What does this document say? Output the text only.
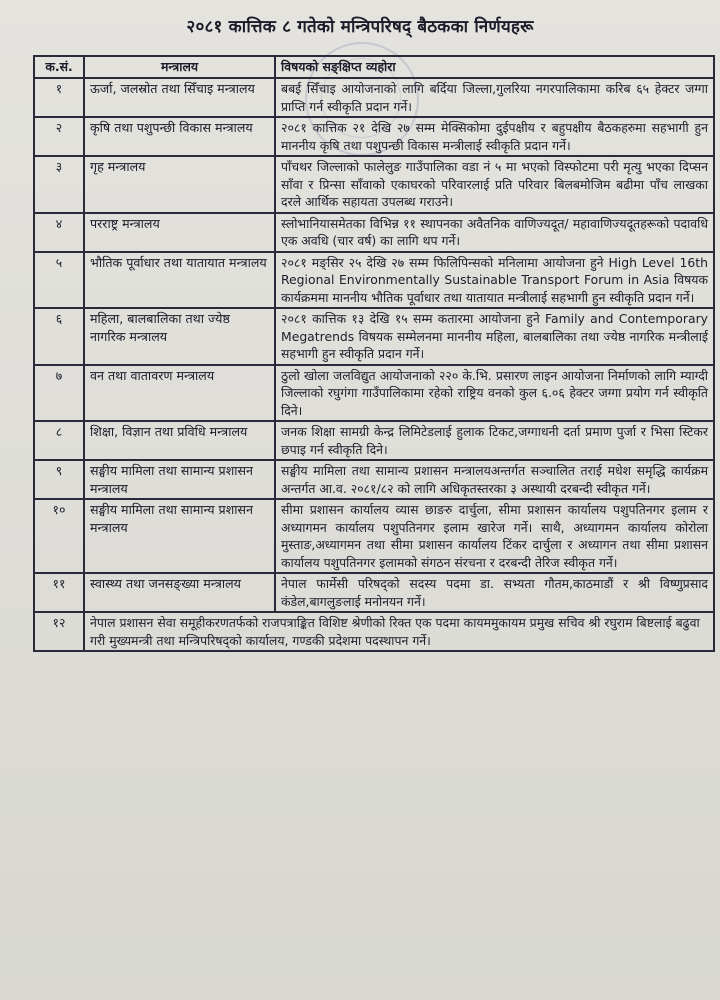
२०८१ कात्तिक ८ गतेको मन्त्रिपरिषद् बैठकका निर्णयहरू
क.सं.	मन्त्रालय	विषयको सङ्क्षिप्त व्यहोरा
१	ऊर्जा, जलस्रोत तथा सिँचाइ मन्त्रालय	बबई सिँचाइ आयोजनाको लागि बर्दिया जिल्ला,गुलरिया नगरपालिकामा करिब ६५ हेक्टर जग्गा प्राप्ति गर्न स्वीकृति प्रदान गर्ने।
२	कृषि तथा पशुपन्छी विकास मन्त्रालय	२०८१ कात्तिक २१ देखि २७ सम्म मेक्सिकोमा दुईपक्षीय र बहुपक्षीय बैठकहरुमा सहभागी हुन माननीय कृषि तथा पशुपन्छी विकास मन्त्रीलाई स्वीकृति प्रदान गर्ने।
३	गृह मन्त्रालय	पाँचथर जिल्लाको फालेलुङ गाउँपालिका वडा नं ५ मा भएको विस्फोटमा परी मृत्यु भएका दिप्सन साँवा र प्रिन्सा साँवाको एकाघरको परिवारलाई प्रति परिवार बिलबमोजिम बढीमा पाँच लाखका दरले आर्थिक सहायता उपलब्ध गराउने।
४	परराष्ट्र मन्त्रालय	स्लोभानियासमेतका विभिन्न ११ स्थापनका अवैतनिक वाणिज्यदूत/ महावाणिज्यदूतहरूको पदावधि एक अवधि (चार वर्ष) का लागि थप गर्ने।
५	भौतिक पूर्वाधार तथा यातायात मन्त्रालय	२०८१ मङ्सिर २५ देखि २७ सम्म फिलिपिन्सको मनिलामा आयोजना हुने High Level 16th Regional Environmentally Sustainable Transport Forum in Asia विषयक कार्यक्रममा माननीय भौतिक पूर्वाधार तथा यातायात मन्त्रीलाई सहभागी हुन स्वीकृति प्रदान गर्ने।
६	महिला, बालबालिका तथा ज्येष्ठ नागरिक मन्त्रालय	२०८१ कात्तिक १३ देखि १५ सम्म कतारमा आयोजना हुने Family and Contemporary Megatrends विषयक सम्मेलनमा माननीय महिला, बालबालिका तथा ज्येष्ठ नागरिक मन्त्रीलाई सहभागी हुन स्वीकृति प्रदान गर्ने।
७	वन तथा वातावरण मन्त्रालय	ठुलो खोला जलविद्युत आयोजनाको २२० के.भि. प्रसारण लाइन आयोजना निर्माणको लागि म्याग्दी जिल्लाको रघुगंगा गाउँपालिकामा रहेको राष्ट्रिय वनको कुल ६.०६ हेक्टर जग्गा प्रयोग गर्न स्वीकृति दिने।
८	शिक्षा, विज्ञान तथा प्रविधि मन्त्रालय	जनक शिक्षा सामग्री केन्द्र लिमिटेडलाई हुलाक टिकट,जग्गाधनी दर्ता प्रमाण पुर्जा र भिसा स्टिकर छपाइ गर्न स्वीकृति दिने।
९	सङ्घीय मामिला तथा सामान्य प्रशासन मन्त्रालय	सङ्घीय मामिला तथा सामान्य प्रशासन मन्त्रालयअन्तर्गत सञ्चालित तराई मधेश समृद्धि कार्यक्रम अन्तर्गत आ.व. २०८१/८२ को लागि अधिकृतस्तरका ३ अस्थायी दरबन्दी स्वीकृत गर्ने।
१०	सङ्घीय मामिला तथा सामान्य प्रशासन मन्त्रालय	सीमा प्रशासन कार्यालय व्यास छाङरु दार्चुला, सीमा प्रशासन कार्यालय पशुपतिनगर इलाम र अध्यागमन कार्यालय पशुपतिनगर इलाम खारेज गर्ने। साथै, अध्यागमन कार्यालय कोरोला मुस्ताङ,अध्यागमन तथा सीमा प्रशासन कार्यालय टिंकर दार्चुला र अध्यागन तथा सीमा प्रशासन कार्यालय पशुपतिनगर इलामको संगठन संरचना र दरबन्दी तेरिज स्वीकृत गर्ने।
११	स्वास्थ्य तथा जनसङ्ख्या मन्त्रालय	नेपाल फार्मेसी परिषद्को सदस्य पदमा डा. सभ्यता गौतम,काठमाडौं र श्री विष्णुप्रसाद कंडेल,बागलुङलाई मनोनयन गर्ने।
१२	नेपाल प्रशासन सेवा समूहीकरणतर्फको राजपत्राङ्कित विशिष्ट श्रेणीको रिक्त एक पदमा कायममुकायम प्रमुख सचिव श्री रघुराम बिष्टलाई बढुवा गरी मुख्यमन्त्री तथा मन्त्रिपरिषद्को कार्यालय, गण्डकी प्रदेशमा पदस्थापन गर्ने।	
